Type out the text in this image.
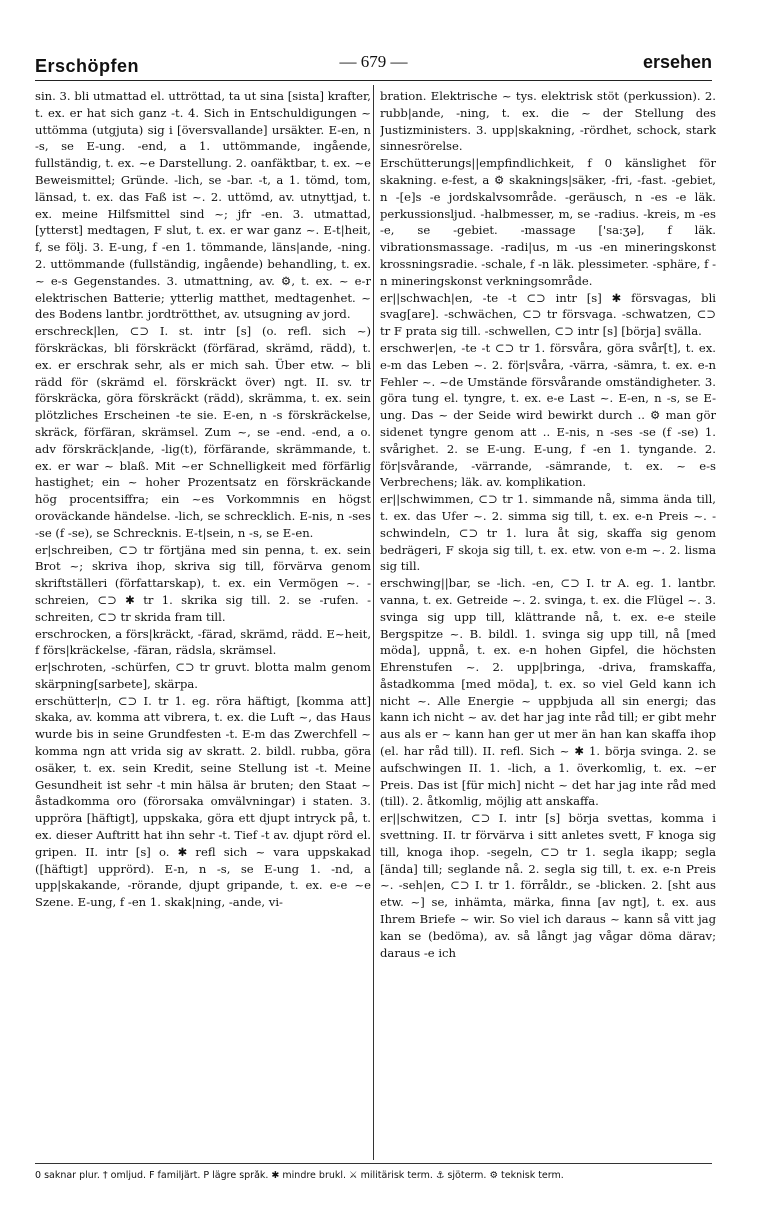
Erschöpfen	— 679 —	ersehen

sin. 3. bli utmattad el. uttröttad, ta ut sina [sista] krafter, t. ex. er hat sich ganz -t. 4. Sich in Entschuldigungen ~ uttömma (utgjuta) sig i [översvallande] ursäkter. E-en, n -s, se E-ung. -end, a 1. uttömmande, ingående, fullständig, t. ex. ~e Darstellung. 2. oanfäktbar, t. ex. ~e Beweismittel; Gründe. -lich, se -bar. -t, a 1. tömd, tom, länsad, t. ex. das Faß ist ~. 2. uttömd, av. utnyttjad, t. ex. meine Hilfsmittel sind ~; jfr -en. 3. utmattad, [ytterst] medtagen, F slut, t. ex. er war ganz ~. E-t|heit, f, se följ. 3. E-ung, f -en 1. tömmande, läns|ande, -ning. 2. uttömmande (fullständig, ingående) behandling, t. ex. ~ e-s Gegenstandes. 3. utmattning, av. ⚙, t. ex. ~ e-r elektrischen Batterie; ytterlig matthet, medtagenhet. ~ des Bodens lantbr. jordtrötthet, av. utsugning av jord.

erschreck|len, ⊂⊃ I. st. intr [s] (o. refl. sich ~) förskräckas, bli förskräckt (förfärad, skrämd, rädd), t. ex. er erschrak sehr, als er mich sah. Über etw. ~ bli rädd för (skrämd el. förskräckt över) ngt. II. sv. tr förskräcka, göra förskräckt (rädd), skrämma, t. ex. sein plötzliches Erscheinen -te sie. E-en, n -s förskräckelse, skräck, förfäran, skrämsel. Zum ~, se -end. -end, a o. adv förskräck|ande, -lig(t), förfärande, skrämmande, t. ex. er war ~ blaß. Mit ~er Schnelligkeit med förfärlig hastighet; ein ~ hoher Prozentsatz en förskräckande hög procentsiffra; ein ~es Vorkommnis en högst oroväckande händelse. -lich, se schrecklich. E-nis, n -ses -se (f -se), se Schrecknis. E-t|sein, n -s, se E-en.

er|schreiben, ⊂⊃ tr förtjäna med sin penna, t. ex. sein Brot ~; skriva ihop, skriva sig till, förvärva genom skriftställeri (författarskap), t. ex. ein Vermögen ~. -schreien, ⊂⊃ ✱ tr 1. skrika sig till. 2. se -rufen. -schreiten, ⊂⊃ tr skrida fram till.

erschrocken, a förs|kräckt, -färad, skrämd, rädd. E~heit, f förs|kräckelse, -färan, rädsla, skrämsel.

er|schroten, -schürfen, ⊂⊃ tr gruvt. blotta malm genom skärpning[sarbete], skärpa.

erschütter|n, ⊂⊃ I. tr 1. eg. röra häftigt, [komma att] skaka, av. komma att vibrera, t. ex. die Luft ~, das Haus wurde bis in seine Grundfesten -t. E-m das Zwerchfell ~ komma ngn att vrida sig av skratt. 2. bildl. rubba, göra osäker, t. ex. sein Kredit, seine Stellung ist -t. Meine Gesundheit ist sehr -t min hälsa är bruten; den Staat ~ åstadkomma oro (förorsaka omvälvningar) i staten. 3. uppröra [häftigt], uppskaka, göra ett djupt intryck på, t. ex. dieser Auftritt hat ihn sehr -t. Tief -t av. djupt rörd el. gripen. II. intr [s] o. ✱ refl sich ~ vara uppskakad ([häftigt] upprörd). E-n, n -s, se E-ung 1. -nd, a upp|skakande, -rörande, djupt gripande, t. ex. e-e ~e Szene. E-ung, f -en 1. skak|ning, -ande, vi-

bration. Elektrische ~ tys. elektrisk stöt (perkussion). 2. rubb|ande, -ning, t. ex. die ~ der Stellung des Justizministers. 3. upp|skakning, -rördhet, schock, stark sinnesrörelse.

Erschütterungs||empfindlichkeit, f 0 känslighet för skakning. e-fest, a ⚙ skaknings|säker, -fri, -fast. -gebiet, n -[e]s -e jordskalvsområde. -geräusch, n -es -e läk. perkussionsljud. -halbmesser, m, se -radius. -kreis, m -es -e, se -gebiet. -massage ['sa:ʒə], f läk. vibrationsmassage. -radi|us, m -us -en mineringskonst krossningsradie. -schale, f -n läk. plessimeter. -sphäre, f -n mineringskonst verkningsområde.

er||schwach|en, -te -t ⊂⊃ intr [s] ✱ försvagas, bli svag[are]. -schwächen, ⊂⊃ tr försvaga. -schwatzen, ⊂⊃ tr F prata sig till. -schwellen, ⊂⊃ intr [s] [börja] svälla.

erschwer|en, -te -t ⊂⊃ tr 1. försvåra, göra svår[t], t. ex. e-m das Leben ~. 2. för|svåra, -värra, -sämra, t. ex. e-n Fehler ~. ~de Umstände försvårande omständigheter. 3. göra tung el. tyngre, t. ex. e-e Last ~. E-en, n -s, se E-ung. Das ~ der Seide wird bewirkt durch .. ⚙ man gör sidenet tyngre genom att .. E-nis, n -ses -se (f -se) 1. svårighet. 2. se E-ung. E-ung, f -en 1. tyngande. 2. för|svårande, -värrande, -sämrande, t. ex. ~ e-s Verbrechens; läk. av. komplikation.

er||schwimmen, ⊂⊃ tr 1. simmande nå, simma ända till, t. ex. das Ufer ~. 2. simma sig till, t. ex. e-n Preis ~. -schwindeln, ⊂⊃ tr 1. lura åt sig, skaffa sig genom bedrägeri, F skoja sig till, t. ex. etw. von e-m ~. 2. lisma sig till.

erschwing||bar, se -lich. -en, ⊂⊃ I. tr A. eg. 1. lantbr. vanna, t. ex. Getreide ~. 2. svinga, t. ex. die Flügel ~. 3. svinga sig upp till, klättrande nå, t. ex. e-e steile Bergspitze ~. B. bildl. 1. svinga sig upp till, nå [med möda], uppnå, t. ex. e-n hohen Gipfel, die höchsten Ehrenstufen ~. 2. upp|bringa, -driva, framskaffa, åstadkomma [med möda], t. ex. so viel Geld kann ich nicht ~. Alle Energie ~ uppbjuda all sin energi; das kann ich nicht ~ av. det har jag inte råd till; er gibt mehr aus als er ~ kann han ger ut mer än han kan skaffa ihop (el. har råd till). II. refl. Sich ~ ✱ 1. börja svinga. 2. se aufschwingen II. 1. -lich, a 1. överkomlig, t. ex. ~er Preis. Das ist [für mich] nicht ~ det har jag inte råd med (till). 2. åtkomlig, möjlig att anskaffa.

er||schwitzen, ⊂⊃ I. intr [s] börja svettas, komma i svettning. II. tr förvärva i sitt anletes svett, F knoga sig till, knoga ihop. -segeln, ⊂⊃ tr 1. segla ikapp; segla [ända] till; seglande nå. 2. segla sig till, t. ex. e-n Preis ~. -seh|en, ⊂⊃ I. tr 1. förråldr., se -blicken. 2. [sht aus etw. ~] se, inhämta, märka, finna [av ngt], t. ex. aus Ihrem Briefe ~ wir. So viel ich daraus ~ kann så vitt jag kan se (bedöma), av. så långt jag vågar döma därav; daraus -e ich

0 saknar plur. † omljud. F familjärt. P lägre språk. ✱ mindre brukl. ⚔ militärisk term. ⚓ sjöterm. ⚙ teknisk term.
